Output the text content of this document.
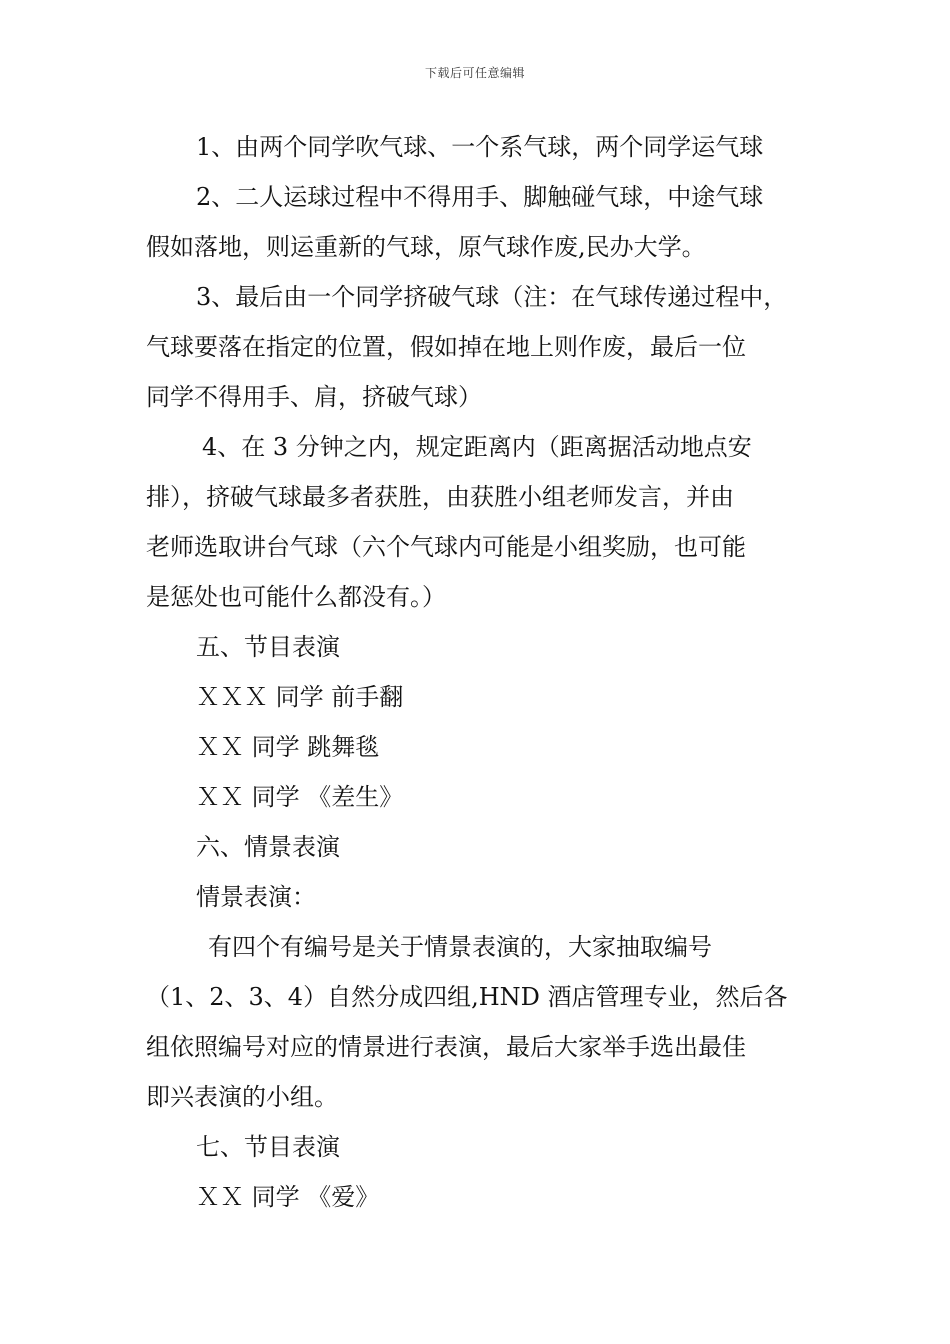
下载后可任意编辑
1、由两个同学吹气球、一个系气球，两个同学运气球
2、二人运球过程中不得用手、脚触碰气球，中途气球
假如落地，则运重新的气球，原气球作废,民办大学。
3、最后由一个同学挤破气球（注：在气球传递过程中，
气球要落在指定的位置，假如掉在地上则作废，最后一位
同学不得用手、肩，挤破气球）
4、在 3 分钟之内，规定距离内（距离据活动地点安
排），挤破气球最多者获胜，由获胜小组老师发言，并由
老师选取讲台气球（六个气球内可能是小组奖励，也可能
是惩处也可能什么都没有。）
五、节目表演
ＸＸＸ 同学 前手翻
ＸＸ 同学 跳舞毯
ＸＸ 同学 《差生》
六、情景表演
情景表演：
有四个有编号是关于情景表演的，大家抽取编号
（1、2、3、4）自然分成四组,HND 酒店管理专业，然后各
组依照编号对应的情景进行表演，最后大家举手选出最佳
即兴表演的小组。
七、节目表演
ＸＸ 同学 《爱》
